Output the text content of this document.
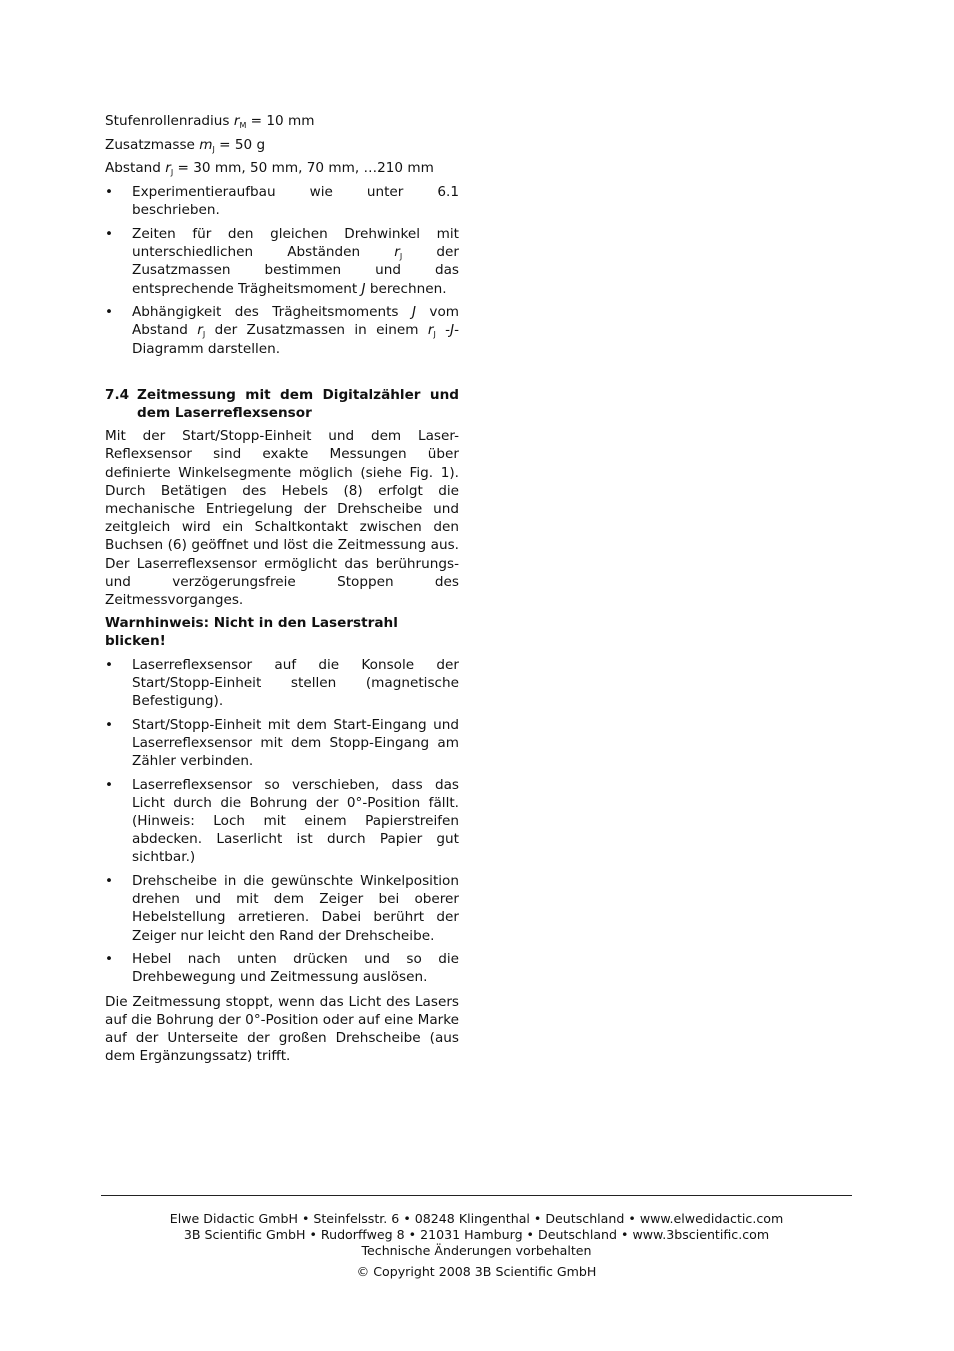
Stufenrollenradius $r_M = 10$ mm
Zusatzmasse $m_J = 50$ g
Abstand $r_J = 30$ mm, 50 mm, 70 mm, …210 mm
• Experimentieraufbau wie unter 6.1 beschrieben.
• Zeiten für den gleichen Drehwinkel mit unterschiedlichen Abständen	$r_J$	der Zusatzmassen bestimmen und das entsprechende Trägheitsmoment J berechnen.
• Abhängigkeit des Trägheitsmoments J vom Abstand $r_J$ der Zusatzmassen in einem $r_J$ -J-Diagramm darstellen.
7.4 Zeitmessung mit dem Digitalzähler und dem Laserreflexsensor

Mit der Start/Stopp-Einheit und dem Laser-Reflexsensor sind exakte Messungen über definierte Winkelsegmente möglich (siehe Fig. 1). Durch Betätigen des Hebels (8) erfolgt die mechanische Entriegelung der Drehscheibe und zeitgleich wird ein Schaltkontakt zwischen den Buchsen (6) geöffnet und löst die Zeitmessung aus. Der Laserreflexsensor ermöglicht das berührungs- und verzögerungsfreie Stoppen des Zeitmessvorganges.

Warnhinweis: Nicht in den Laserstrahl blicken!

• Laserreflexsensor auf die Konsole der Start/Stopp-Einheit stellen (magnetische Befestigung).
• Start/Stopp-Einheit mit dem Start-Eingang und Laserreflexsensor mit dem Stopp-Eingang am Zähler verbinden.
• Laserreflexsensor so verschieben, dass das Licht durch die Bohrung der 0°-Position fällt. (Hinweis: Loch mit einem Papierstreifen abdecken. Laserlicht ist durch Papier gut sichtbar.)
• Drehscheibe in die gewünschte Winkelposition drehen und mit dem Zeiger bei oberer Hebelstellung arretieren. Dabei berührt der Zeiger nur leicht den Rand der Drehscheibe.
• Hebel nach unten drücken und so die Drehbewegung und Zeitmessung auslösen.

Die Zeitmessung stoppt, wenn das Licht des Lasers auf die Bohrung der 0°-Position oder auf eine Marke auf der Unterseite der großen Drehscheibe (aus dem Ergänzungssatz) trifft.

Elwe Didactic GmbH • Steinfelsstr. 6 • 08248 Klingenthal • Deutschland • www.elwedidactic.com
3B Scientific GmbH • Rudorffweg 8 • 21031 Hamburg • Deutschland • www.3bscientific.com
Technische Änderungen vorbehalten
© Copyright 2008 3B Scientific GmbH
